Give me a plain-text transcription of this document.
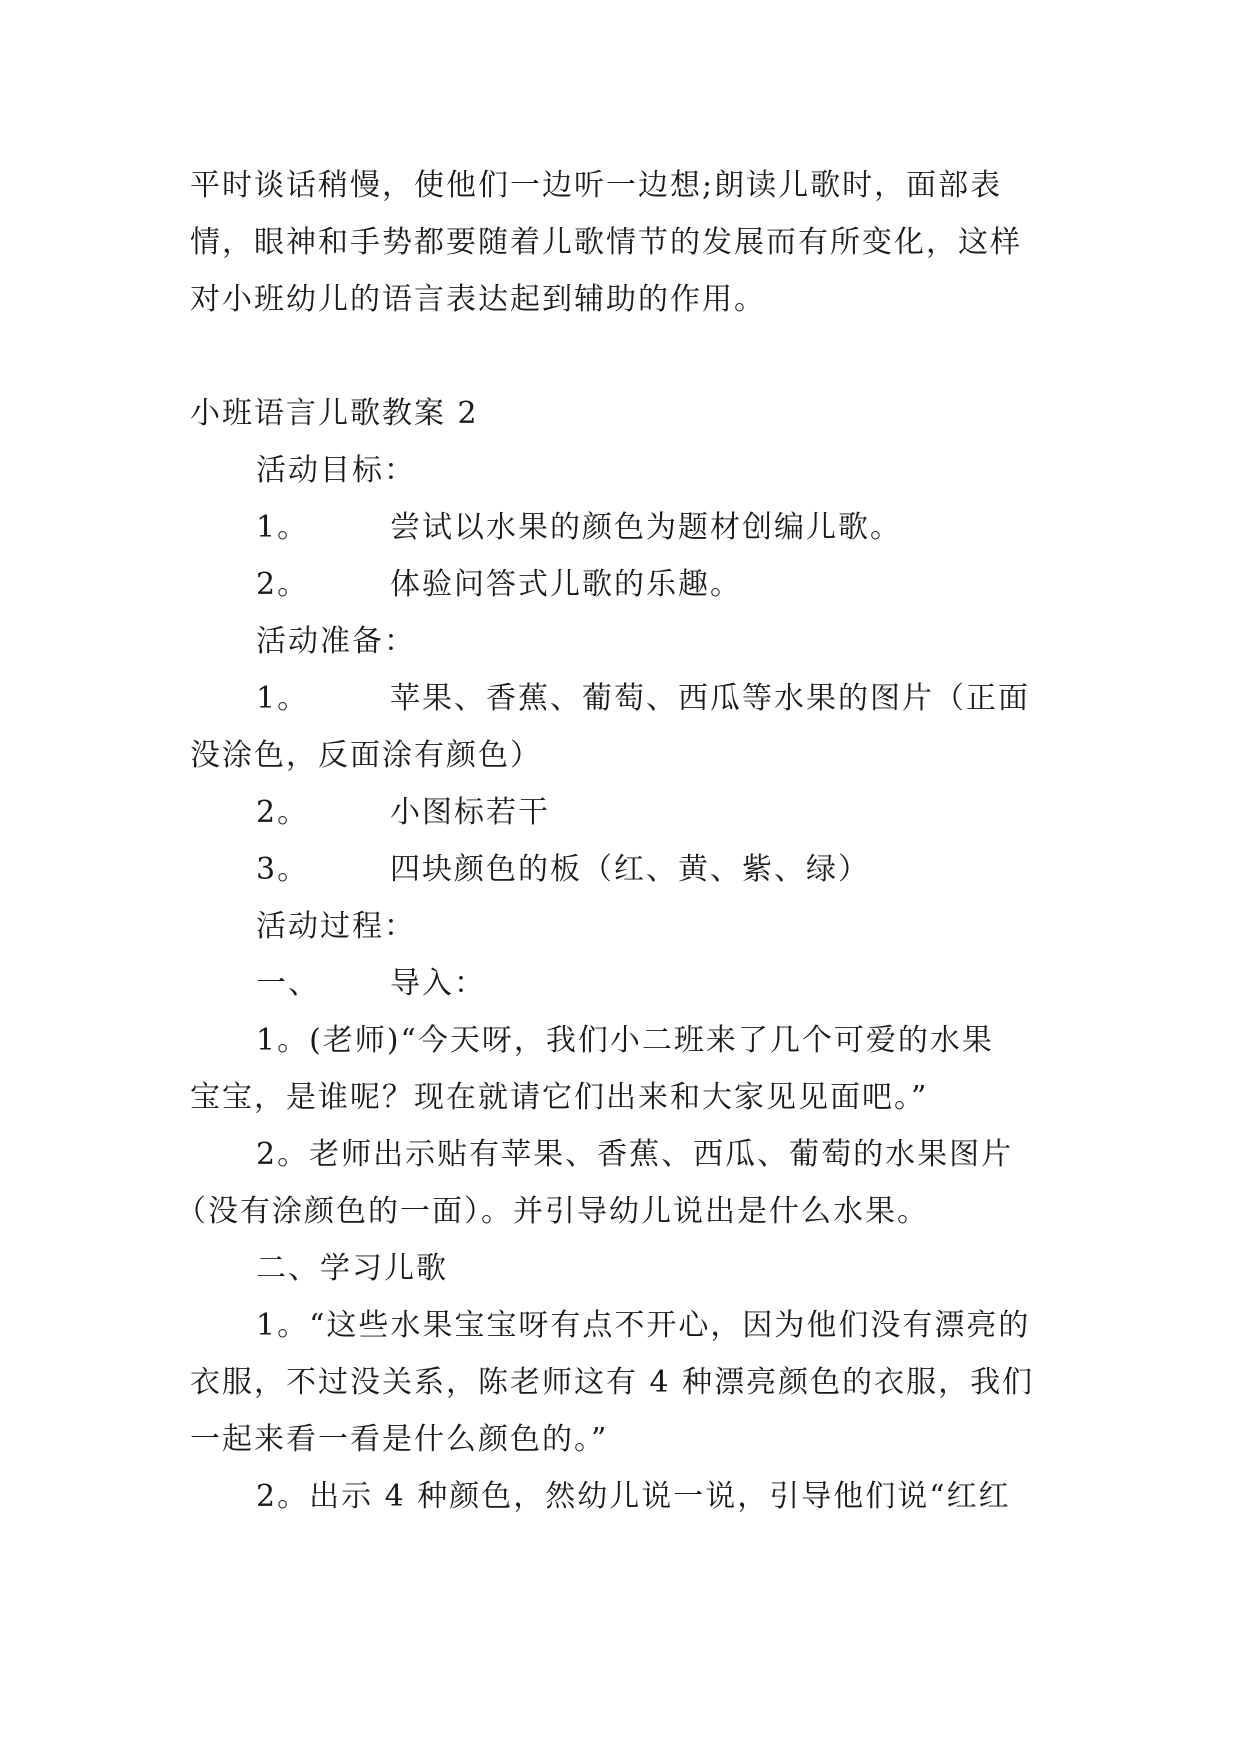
平时谈话稍慢，使他们一边听一边想;朗读儿歌时，面部表
情，眼神和手势都要随着儿歌情节的发展而有所变化，这样
对小班幼儿的语言表达起到辅助的作用。
小班语言儿歌教案 2
活动目标：
1。	尝试以水果的颜色为题材创编儿歌。
2。	体验问答式儿歌的乐趣。
活动准备：
1。	苹果、香蕉、葡萄、西瓜等水果的图片（正面
没涂色，反面涂有颜色）
2。	小图标若干
3。	四块颜色的板（红、黄、紫、绿）
活动过程：
一、 导入：
1。(老师)“今天呀，我们小二班来了几个可爱的水果
宝宝，是谁呢？现在就请它们出来和大家见见面吧。”
2。老师出示贴有苹果、香蕉、西瓜、葡萄的水果图片
（没有涂颜色的一面）。并引导幼儿说出是什么水果。
二、学习儿歌
1。“这些水果宝宝呀有点不开心，因为他们没有漂亮的
衣服，不过没关系，陈老师这有 4 种漂亮颜色的衣服，我们
一起来看一看是什么颜色的。”
2。出示 4 种颜色，然幼儿说一说，引导他们说“红红
